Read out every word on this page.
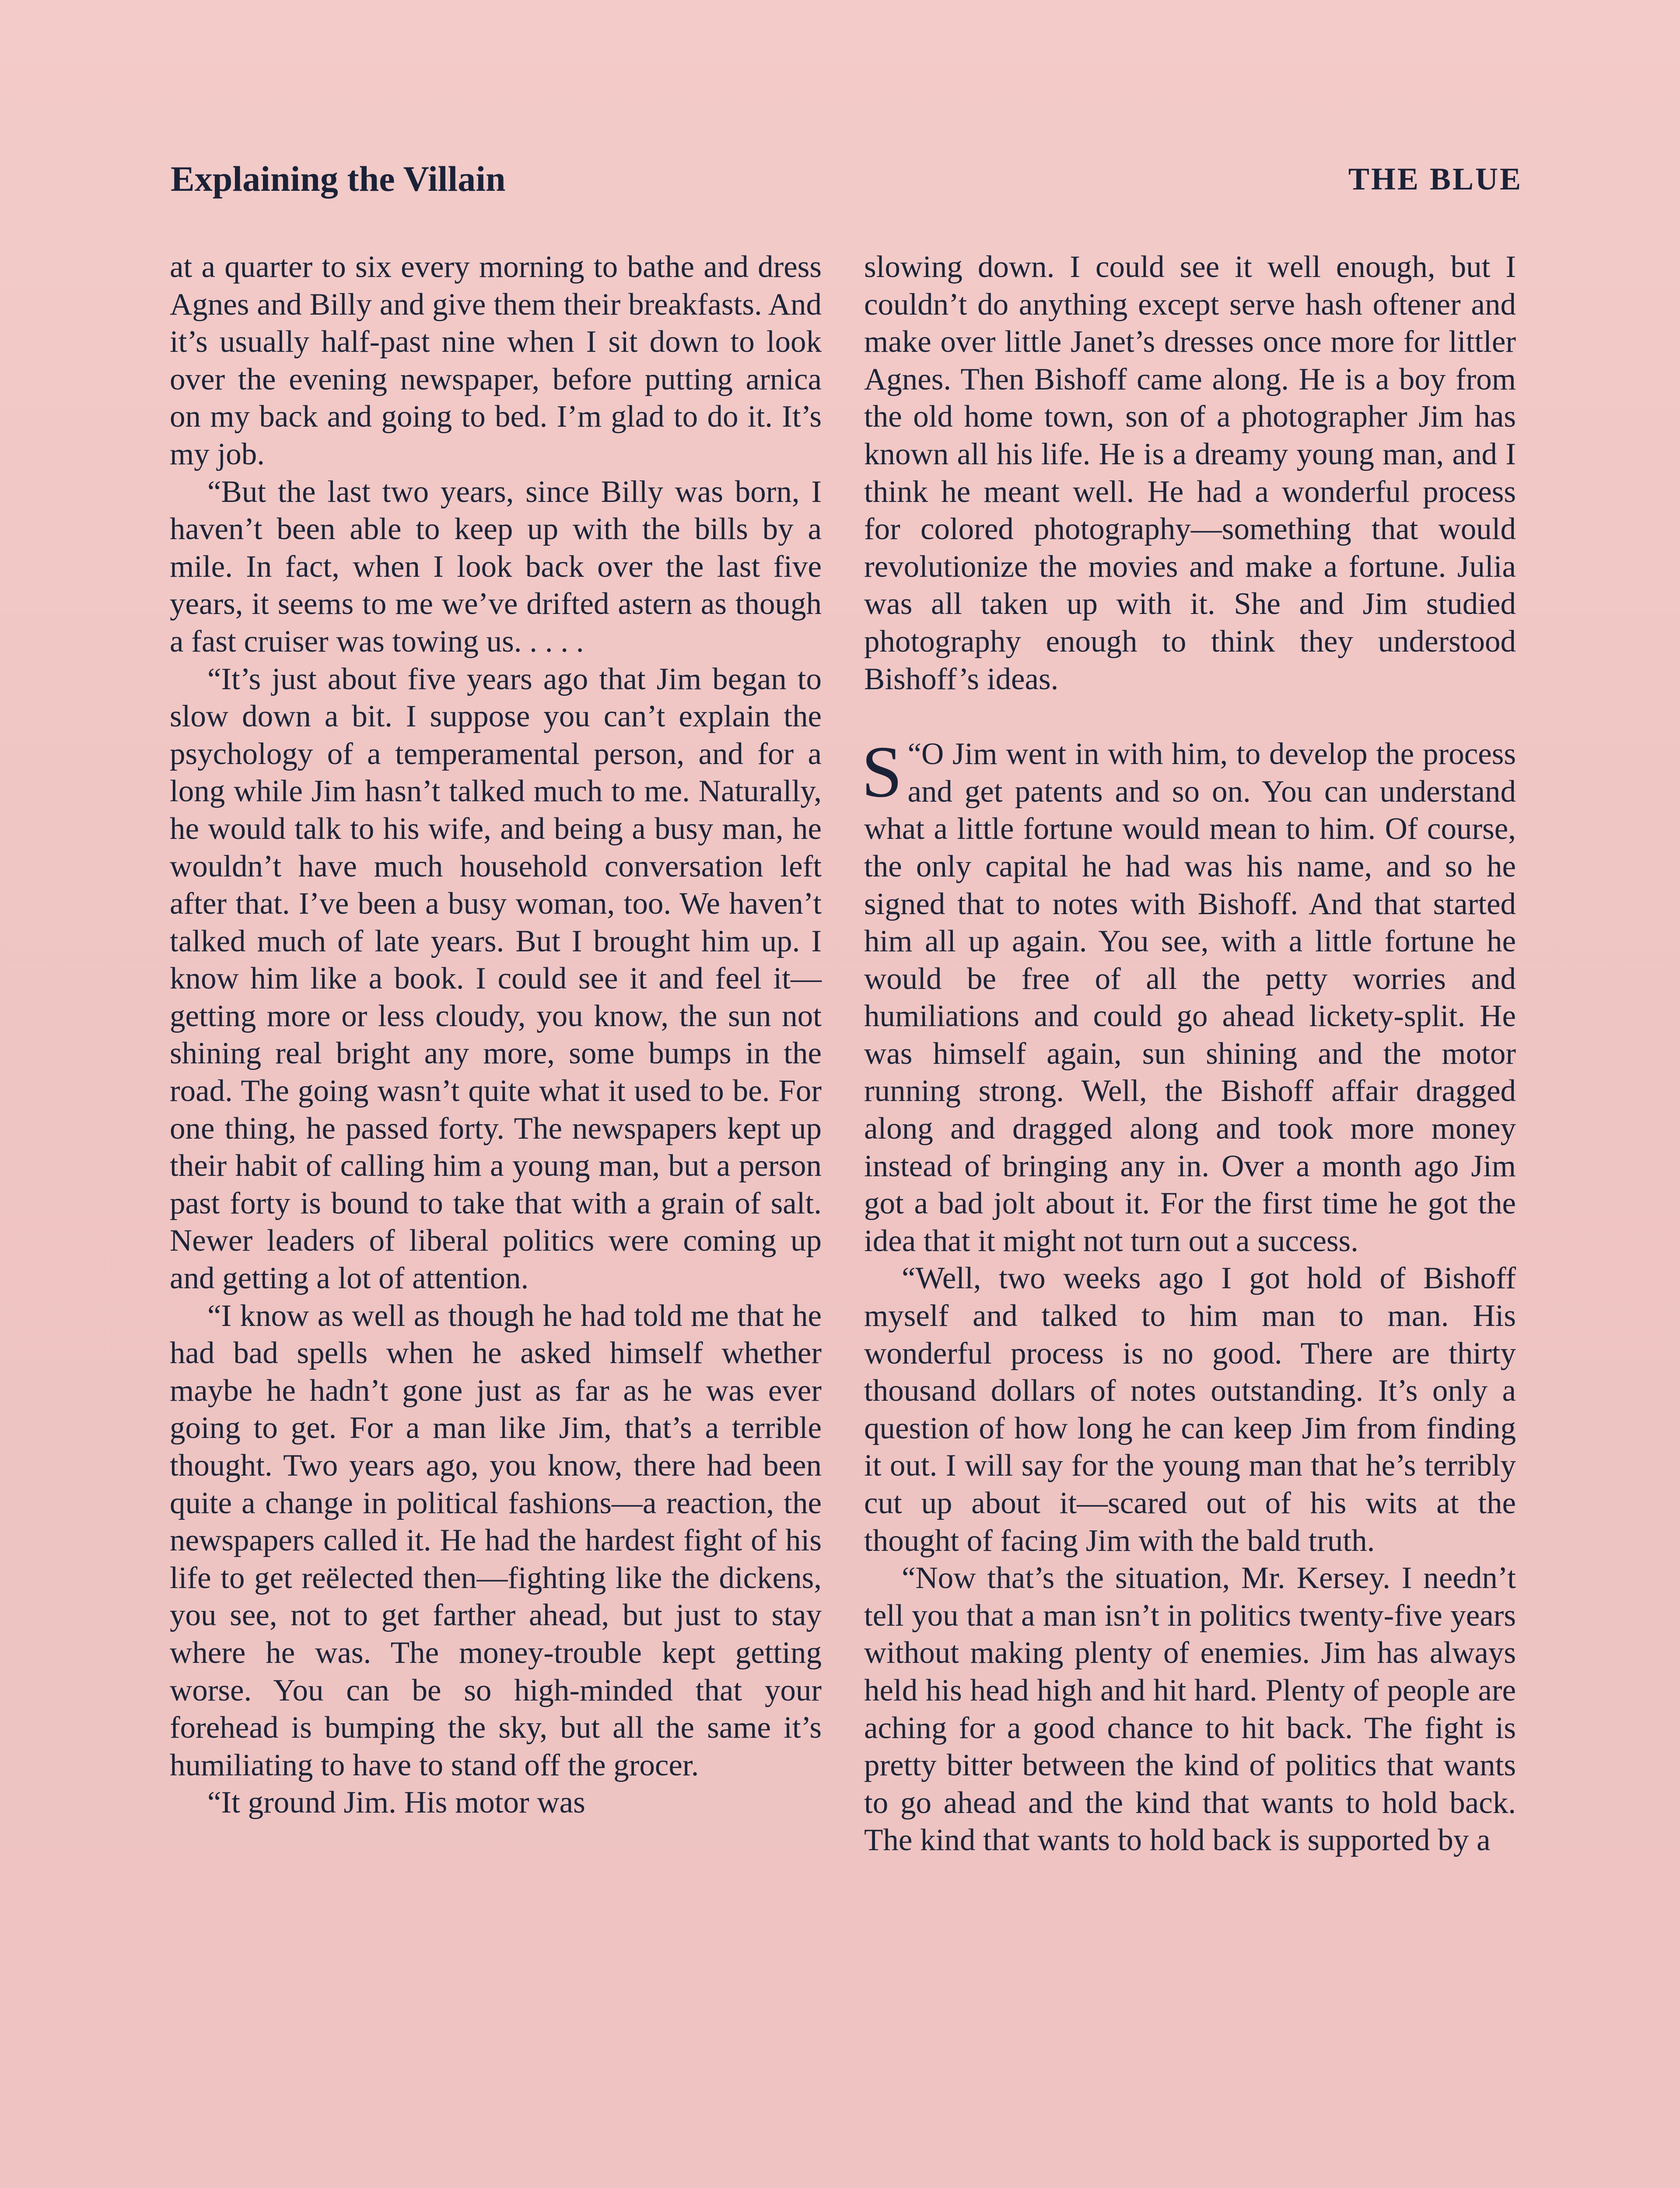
Explaining the Villain	THE BLUE

at a quarter to six every morning to bathe and dress Agnes and Billy and give them their breakfasts. And it’s usually half-past nine when I sit down to look over the evening newspaper, before putting arnica on my back and going to bed. I’m glad to do it. It’s my job.

“But the last two years, since Billy was born, I haven’t been able to keep up with the bills by a mile. In fact, when I look back over the last five years, it seems to me we’ve drifted astern as though a fast cruiser was towing us. . . . .

“It’s just about five years ago that Jim began to slow down a bit. I suppose you can’t explain the psychology of a temperamental person, and for a long while Jim hasn’t talked much to me. Naturally, he would talk to his wife, and being a busy man, he wouldn’t have much household conversation left after that. I’ve been a busy woman, too. We haven’t talked much of late years. But I brought him up. I know him like a book. I could see it and feel it—getting more or less cloudy, you know, the sun not shining real bright any more, some bumps in the road. The going wasn’t quite what it used to be. For one thing, he passed forty. The newspapers kept up their habit of calling him a young man, but a person past forty is bound to take that with a grain of salt. Newer leaders of liberal politics were coming up and getting a lot of attention.

“I know as well as though he had told me that he had bad spells when he asked himself whether maybe he hadn’t gone just as far as he was ever going to get. For a man like Jim, that’s a terrible thought. Two years ago, you know, there had been quite a change in political fashions—a reaction, the newspapers called it. He had the hardest fight of his life to get reëlected then—fighting like the dickens, you see, not to get farther ahead, but just to stay where he was. The money-trouble kept getting worse. You can be so high-minded that your forehead is bumping the sky, but all the same it’s humiliating to have to stand off the grocer.

“It ground Jim. His motor was

slowing down. I could see it well enough, but I couldn’t do anything except serve hash oftener and make over little Janet’s dresses once more for littler Agnes. Then Bishoff came along. He is a boy from the old home town, son of a photographer Jim has known all his life. He is a dreamy young man, and I think he meant well. He had a wonderful process for colored photography—something that would revolutionize the movies and make a fortune. Julia was all taken up with it. She and Jim studied photography enough to think they understood Bishoff’s ideas.

“
S O Jim went in with him, to develop the process and get patents and so on. You can understand what a little fortune would mean to him. Of course, the only capital he had was his name, and so he signed that to notes with Bishoff. And that started him all up again. You see, with a little fortune he would be free of all the petty worries and humiliations and could go ahead lickety-split. He was himself again, sun shining and the motor running strong. Well, the Bishoff affair dragged along and dragged along and took more money instead of bringing any in. Over a month ago Jim got a bad jolt about it. For the first time he got the idea that it might not turn out a success.

“Well, two weeks ago I got hold of Bishoff myself and talked to him man to man. His wonderful process is no good. There are thirty thousand dollars of notes outstanding. It’s only a question of how long he can keep Jim from finding it out. I will say for the young man that he’s terribly cut up about it—scared out of his wits at the thought of facing Jim with the bald truth.

“Now that’s the situation, Mr. Kersey. I needn’t tell you that a man isn’t in politics twenty-five years without making plenty of enemies. Jim has always held his head high and hit hard. Plenty of people are aching for a good chance to hit back. The fight is pretty bitter between the kind of politics that wants to go ahead and the kind that wants to hold back. The kind that wants to hold back is supported by a
